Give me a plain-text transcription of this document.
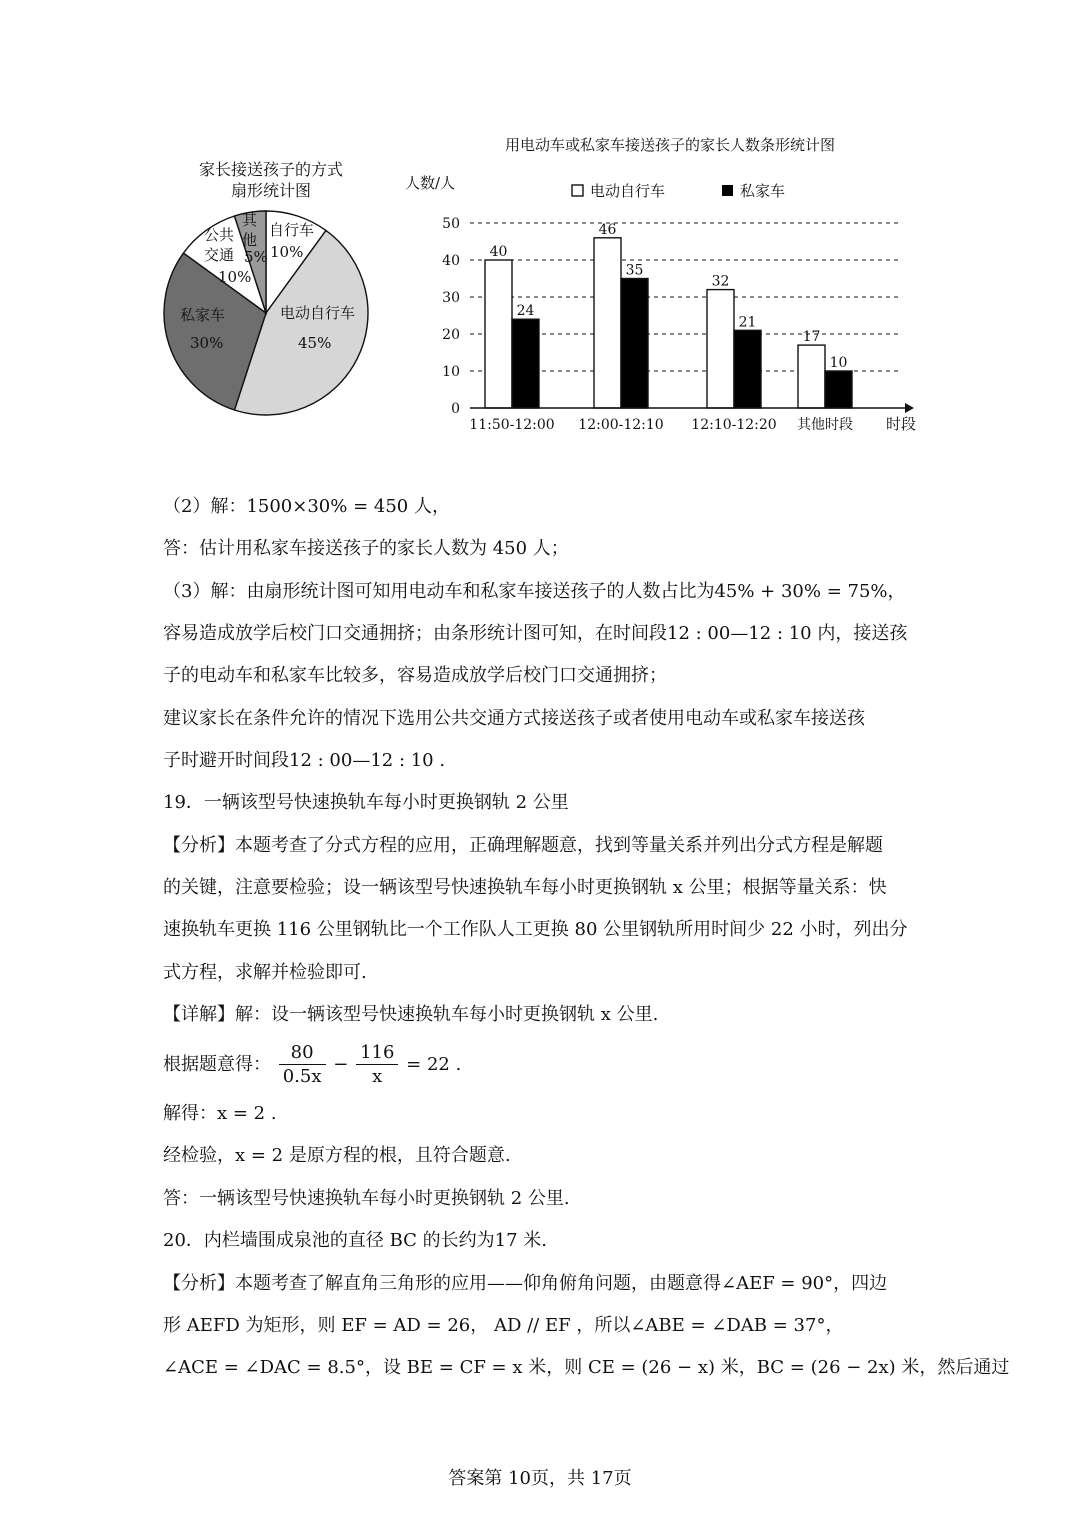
家长接送孩子的方式
扇形统计图
自行车
10%
电动自行车
45%
私家车
30%
公共
交通
10%
其
他
5%
用电动车或私家车接送孩子的家长人数条形统计图
人数/人	电动自行车	私家车
40
24
46
35
32
21
17
10
0
10
20
30
40
50
11:50-12:00 12:00-12:10 12:10-12:20 其他时段 时段
（2）解：1500×30% = 450 人，
答：估计用私家车接送孩子的家长人数为 450 人；
（3）解：由扇形统计图可知用电动车和私家车接送孩子的人数占比为45% + 30% = 75%，
容易造成放学后校门口交通拥挤；由条形统计图可知，在时间段12 : 00—12 : 10 内，接送孩
子的电动车和私家车比较多，容易造成放学后校门口交通拥挤；
建议家长在条件允许的情况下选用公共交通方式接送孩子或者使用电动车或私家车接送孩
子时避开时间段12 : 00—12 : 10 .
19．一辆该型号快速换轨车每小时更换钢轨 2 公里
【分析】本题考查了分式方程的应用，正确理解题意，找到等量关系并列出分式方程是解题
的关键，注意要检验；设一辆该型号快速换轨车每小时更换钢轨 x 公里；根据等量关系：快
速换轨车更换 116 公里钢轨比一个工作队人工更换 80 公里钢轨所用时间少 22 小时，列出分
式方程，求解并检验即可.
【详解】解：设一辆该型号快速换轨车每小时更换钢轨 x 公里.
根据题意得： $\frac{80}{0.5x} - \frac{116}{x} = 22$ .
解得：x = 2 .
经检验，x = 2 是原方程的根，且符合题意.
答：一辆该型号快速换轨车每小时更换钢轨 2 公里.
20．内栏墙围成泉池的直径 BC 的长约为17 米.
【分析】本题考查了解直角三角形的应用——仰角俯角问题，由题意得∠AEF = 90°，四边
形 AEFD 为矩形，则 EF = AD = 26， AD // EF ，所以∠ABE = ∠DAB = 37°，
∠ACE = ∠DAC = 8.5°，设 BE = CF = x 米，则 CE = (26 − x) 米，BC = (26 − 2x) 米，然后通过
答案第 10页，共 17页
